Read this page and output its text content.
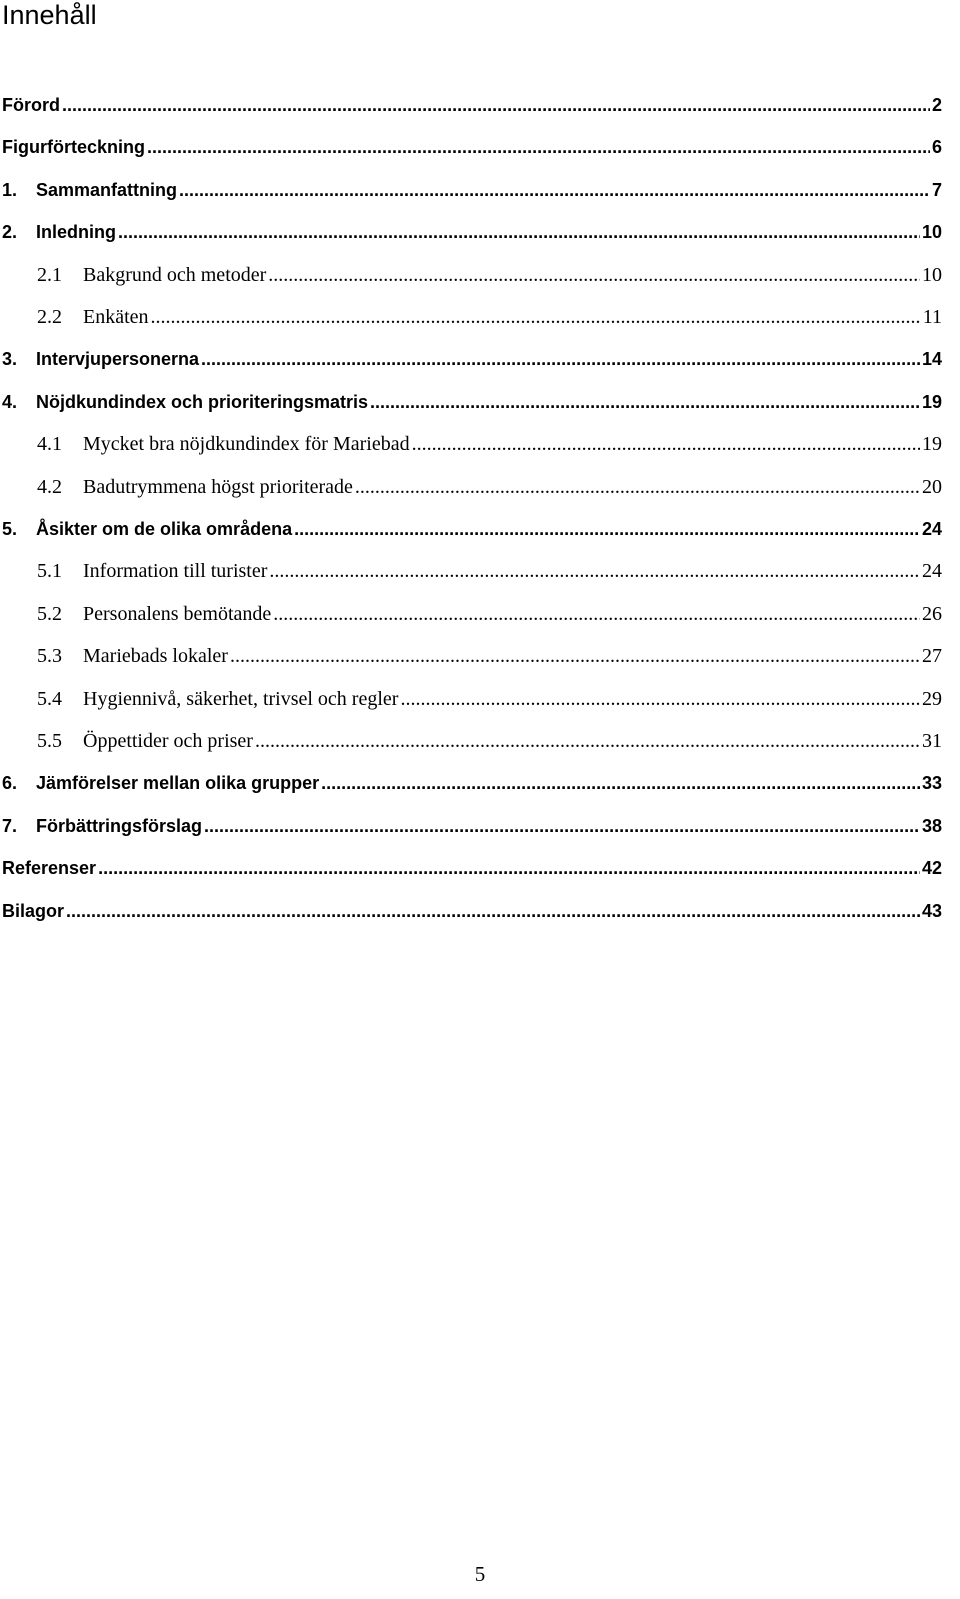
Innehåll
Förord .....	2
Figurförteckning .....	6
1.	Sammanfattning .....	7
2.	Inledning .....	10
2.1	Bakgrund och metoder .....	10
2.2	Enkäten .....	11
3.	Intervjupersonerna .....	14
4.	Nöjdkundindex och prioriteringsmatris .....	19
4.1	Mycket bra nöjdkundindex för Mariebad .....	19
4.2	Badutrymmena högst prioriterade .....	20
5.	Åsikter om de olika områdena .....	24
5.1	Information till turister .....	24
5.2	Personalens bemötande .....	26
5.3	Mariebads lokaler .....	27
5.4	Hygiennivå, säkerhet, trivsel och regler .....	29
5.5	Öppettider och priser .....	31
6.	Jämförelser mellan olika grupper .....	33
7.	Förbättringsförslag .....	38
Referenser .....	42
Bilagor .....	43
5
